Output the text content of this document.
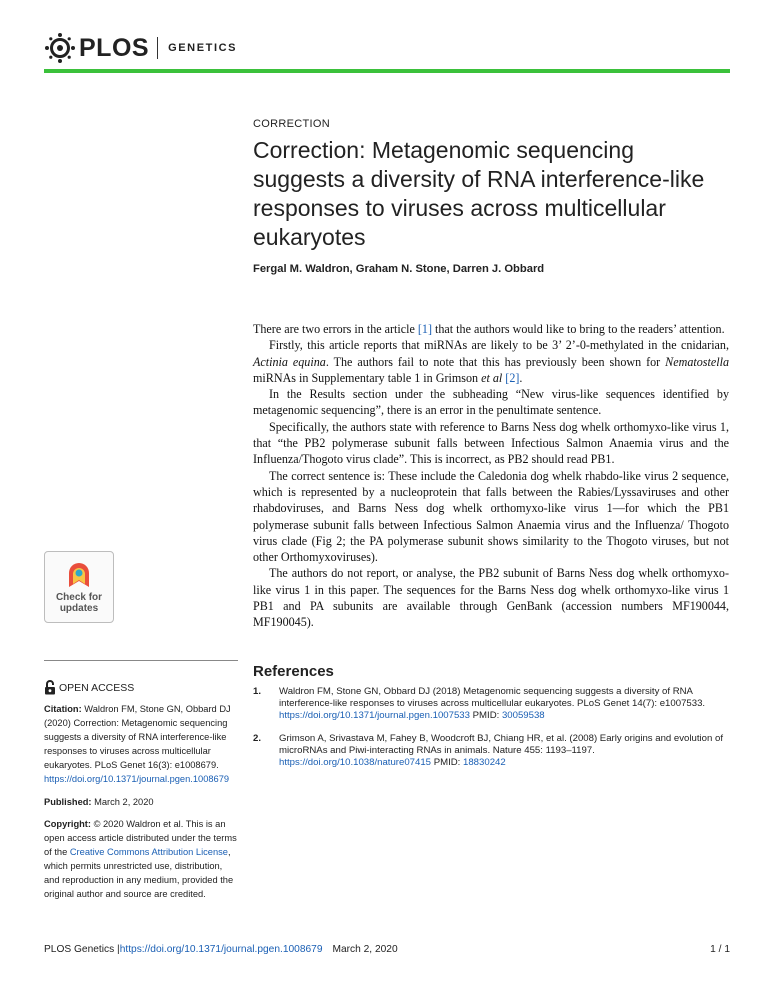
PLOS GENETICS
CORRECTION
Correction: Metagenomic sequencing suggests a diversity of RNA interference-like responses to viruses across multicellular eukaryotes
Fergal M. Waldron, Graham N. Stone, Darren J. Obbard

There are two errors in the article [1] that the authors would like to bring to the readers’ attention.

Firstly, this article reports that miRNAs are likely to be 3’ 2’-0-methylated in the cnidarian, Actinia equina. The authors fail to note that this has previously been shown for Nematostella miRNAs in Supplementary table 1 in Grimson et al [2].

In the Results section under the subheading “New virus-like sequences identified by metagenomic sequencing”, there is an error in the penultimate sentence.

Specifically, the authors state with reference to Barns Ness dog whelk orthomyxo-like virus 1, that “the PB2 polymerase subunit falls between Infectious Salmon Anaemia virus and the Influenza/Thogoto virus clade”. This is incorrect, as PB2 should read PB1.

The correct sentence is: These include the Caledonia dog whelk rhabdo-like virus 2 sequence, which is represented by a nucleoprotein that falls between the Rabies/Lyssaviruses and other rhabdoviruses, and Barns Ness dog whelk orthomyxo-like virus 1—for which the PB1 polymerase subunit falls between Infectious Salmon Anaemia virus and the Influenza/ Thogoto virus clade (Fig 2; the PA polymerase subunit shows similarity to the Thogoto viruses, but not other Orthomyxoviruses).

The authors do not report, or analyse, the PB2 subunit of Barns Ness dog whelk orthomyxo-like virus 1 in this paper. The sequences for the Barns Ness dog whelk orthomyxo-like virus 1 PB1 and PA subunits are available through GenBank (accession numbers MF190044, MF190045).

References
1.	Waldron FM, Stone GN, Obbard DJ (2018) Metagenomic sequencing suggests a diversity of RNA interference-like responses to viruses across multicellular eukaryotes. PLoS Genet 14(7): e1007533. https://doi.org/10.1371/journal.pgen.1007533 PMID: 30059538
2.	Grimson A, Srivastava M, Fahey B, Woodcroft BJ, Chiang HR, et al. (2008) Early origins and evolution of microRNAs and Piwi-interacting RNAs in animals. Nature 455: 1193–1197. https://doi.org/10.1038/nature07415 PMID: 18830242
Check for
updates
OPEN ACCESS
Citation: Waldron FM, Stone GN, Obbard DJ (2020) Correction: Metagenomic sequencing suggests a diversity of RNA interference-like responses to viruses across multicellular eukaryotes. PLoS Genet 16(3): e1008679. https://doi.org/10.1371/journal.pgen.1008679
Published: March 2, 2020
Copyright: © 2020 Waldron et al. This is an open access article distributed under the terms of the Creative Commons Attribution License, which permits unrestricted use, distribution, and reproduction in any medium, provided the original author and source are credited.
PLOS Genetics | https://doi.org/10.1371/journal.pgen.1008679 March 2, 2020	1 / 1
